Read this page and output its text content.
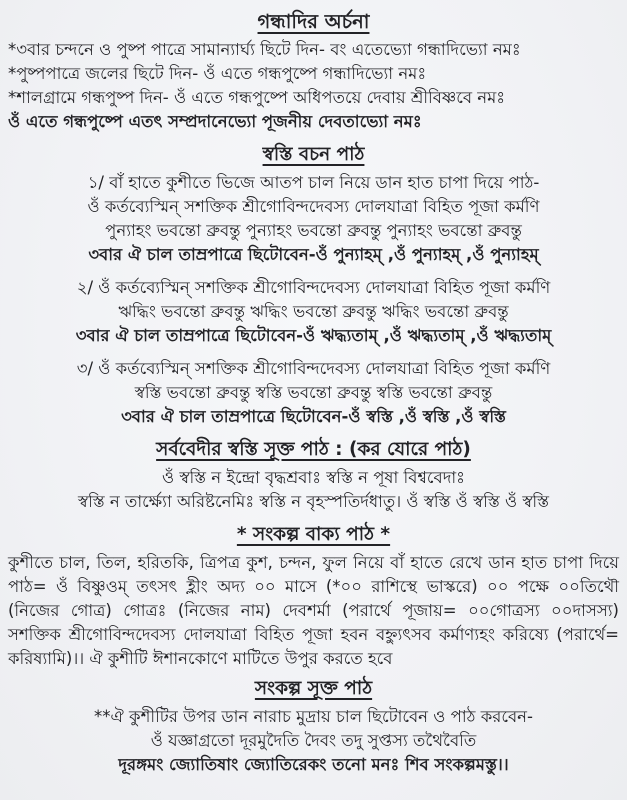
গন্ধাদির অর্চনা

*৩বার চন্দনে ও পুষ্প পাত্রে সামান্যার্ঘ্য ছিটে দিন- বং এতেভ্যো গন্ধাদিভ্যো নমঃ

*পুষ্পপাত্রে জলের ছিটে দিন- ওঁ এতে গন্ধপুষ্পে গন্ধাদিভ্যো নমঃ

*শালগ্রামে গন্ধপুষ্প দিন- ওঁ এতে গন্ধপুষ্পে অধিপতয়ে দেবায় শ্রীবিষ্ণবে নমঃ

ওঁ এতে গন্ধপুষ্পে এতৎ সম্প্রদানেভ্যো পূজনীয় দেবতাভ্যো নমঃ

স্বস্তি বচন পাঠ

১/ বাঁ হাতে কুশীতে ভিজে আতপ চাল নিয়ে ডান হাত চাপা দিয়ে পাঠ-

ওঁ কর্তব্যেস্মিন্ সশক্তিক শ্রীগোবিন্দদেবস্য দোলযাত্রা বিহিত পূজা কর্মণি

পুন্যাহং ভবন্তো ব্রুবন্তু পুন্যাহং ভবন্তো ব্রুবন্তু পুন্যাহং ভবন্তো ব্রুবন্তু

৩বার ঐ চাল তাম্রপাত্রে ছিটোবেন-ওঁ পুন্যাহম্ ,ওঁ পুন্যাহম্ ,ওঁ পুন্যাহম্

২/ ওঁ কর্তব্যেস্মিন্ সশক্তিক শ্রীগোবিন্দদেবস্য দোলযাত্রা বিহিত পূজা কর্মণি

ঋদ্ধিং ভবন্তো ব্রুবন্তু ঋদ্ধিং ভবন্তো ব্রুবন্তু ঋদ্ধিং ভবন্তো ব্রুবন্তু

৩বার ঐ চাল তাম্রপাত্রে ছিটোবেন-ওঁ ঋদ্ধ্যতাম্ ,ওঁ ঋদ্ধ্যতাম্ ,ওঁ ঋদ্ধ্যতাম্

৩/ ওঁ কর্তব্যেস্মিন্ সশক্তিক শ্রীগোবিন্দদেবস্য দোলযাত্রা বিহিত পূজা কর্মণি

স্বস্তি ভবন্তো ব্রুবন্তু স্বস্তি ভবন্তো ব্রুবন্তু স্বস্তি ভবন্তো ব্রুবন্তু

৩বার ঐ চাল তাম্রপাত্রে ছিটোবেন-ওঁ স্বস্তি ,ওঁ স্বস্তি ,ওঁ স্বস্তি

সর্ববেদীর স্বস্তি সূক্ত পাঠ : (কর যোরে পাঠ)

ওঁ স্বস্তি ন ইন্দ্রো বৃদ্ধশ্রবাঃ স্বস্তি ন পূষা বিশ্ববেদাঃ

স্বস্তি ন তার্ক্ষ্যো অরিষ্টনেমিঃ স্বস্তি ন বৃহস্পতির্দধাতু। ওঁ স্বস্তি ওঁ স্বস্তি ওঁ স্বস্তি

* সংকল্প বাক্য পাঠ *

কুশীতে চাল, তিল, হরিতকি, ত্রিপত্র কুশ, চন্দন, ফুল নিয়ে বাঁ হাতে রেখে ডান হাত চাপা দিয়ে পাঠ= ওঁ বিষ্ণুওম্ তৎসৎ হ্লীং অদ্য ০০ মাসে (*০০ রাশিস্থে ভাস্করে) ০০ পক্ষে ০০তিথৌ (নিজের গোত্র) গোত্রঃ (নিজের নাম) দেবশর্মা (পরার্থে পূজায়= ০০গোত্রস্য ০০দাসস্য) সশক্তিক শ্রীগোবিন্দদেবস্য দোলযাত্রা বিহিত পূজা হবন বহ্ন্যুৎসব কর্মাণ্যহং করিষ্যে (পরার্থে= করিষ্যামি)।। ঐ কুশীটি ঈশানকোণে মাটিতে উপুর করতে হবে

সংকল্প সূক্ত পাঠ

**ঐ কুশীটির উপর ডান নারাচ মুদ্রায় চাল ছিটোবেন ও পাঠ করবেন-

ওঁ যজ্ঞাগ্রতো দূরমুদৈতি দৈবং তদু সুপ্তস্য তথৈবৈতি

দূরঙ্গমং জ্যোতিষাং জ্যোতিরেকং তনো মনঃ শিব সংকল্পমস্তু।।
